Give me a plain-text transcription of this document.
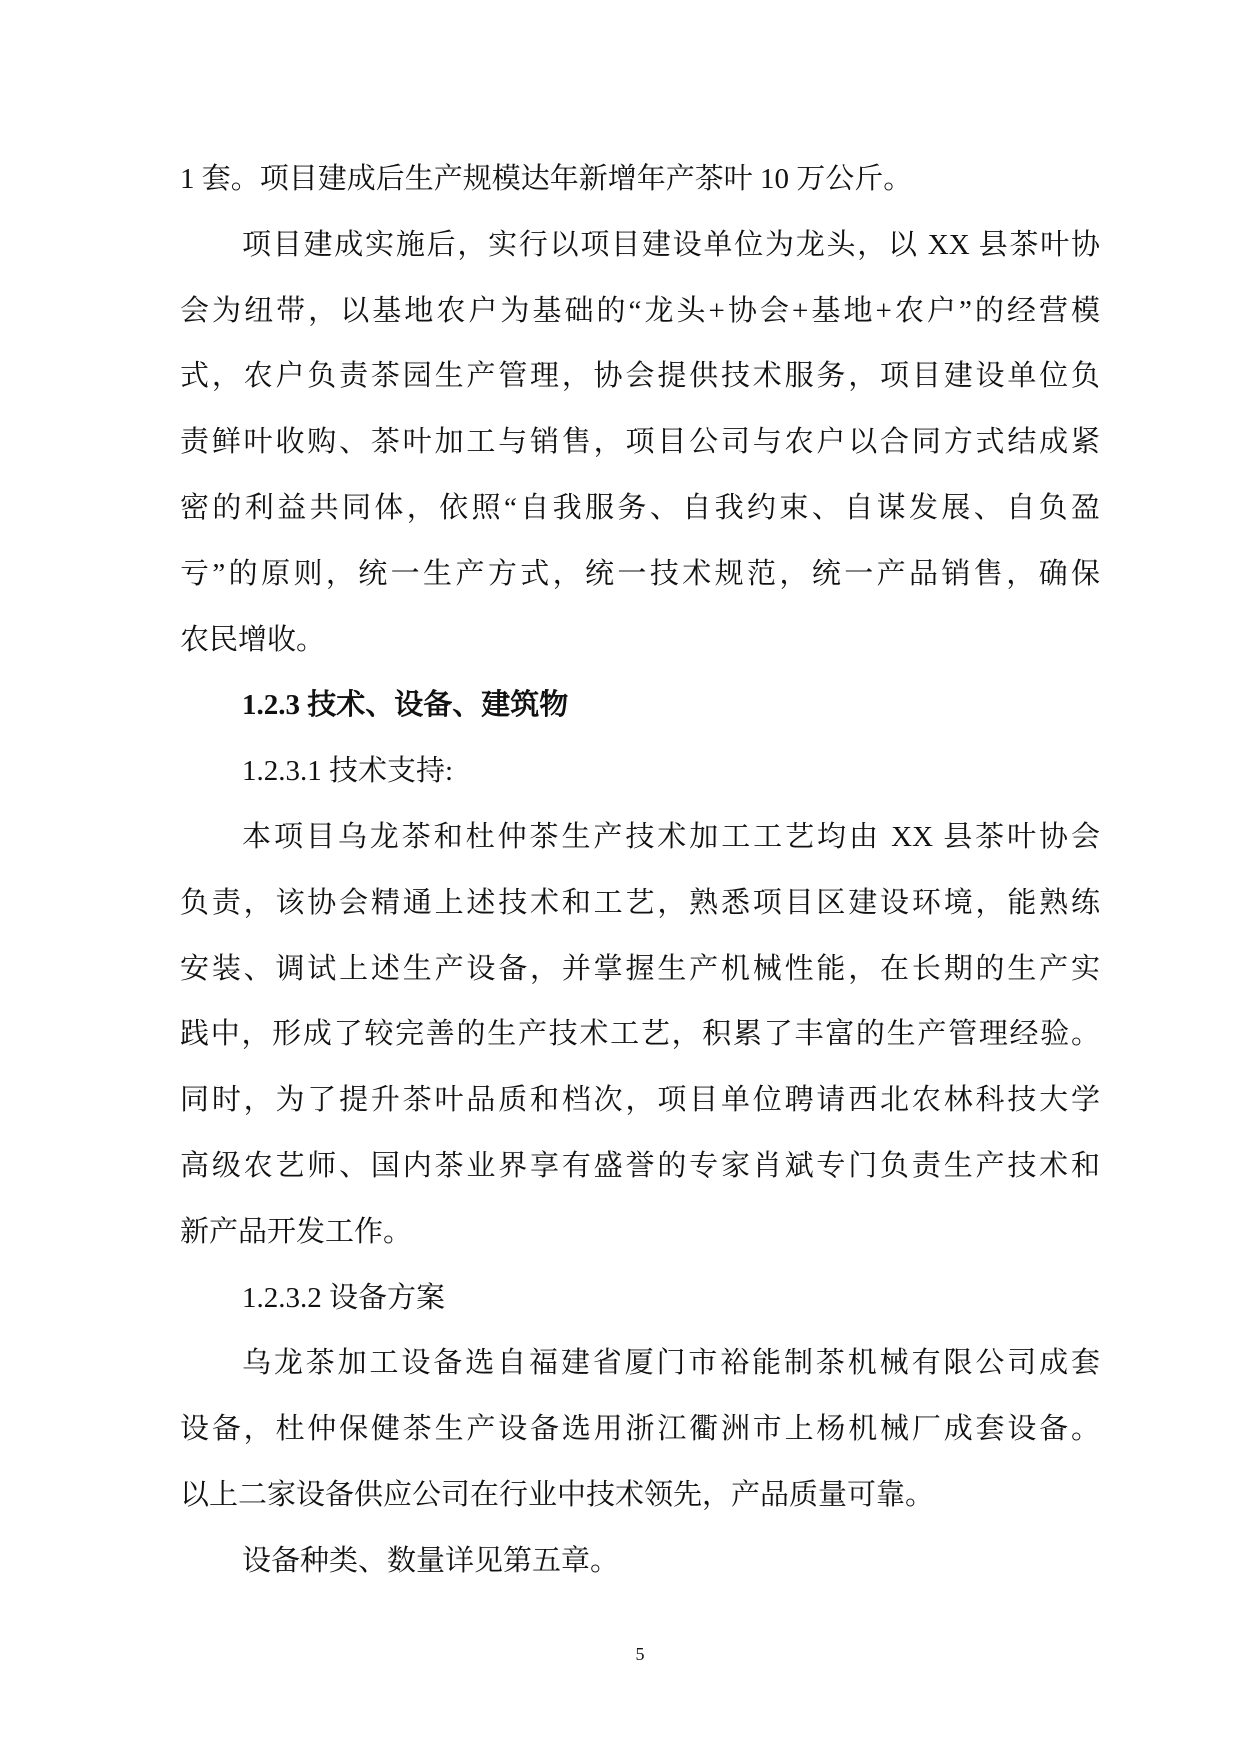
1 套。项目建成后生产规模达年新增年产茶叶 10 万公斤。
项目建成实施后，实行以项目建设单位为龙头，以 XX 县茶叶协
会为纽带，以基地农户为基础的“龙头+协会+基地+农户”的经营模
式，农户负责茶园生产管理，协会提供技术服务，项目建设单位负
责鲜叶收购、茶叶加工与销售，项目公司与农户以合同方式结成紧
密的利益共同体，依照“自我服务、自我约束、自谋发展、自负盈
亏”的原则，统一生产方式，统一技术规范，统一产品销售，确保
农民增收。
1.2.3 技术、设备、建筑物
1.2.3.1 技术支持:
本项目乌龙茶和杜仲茶生产技术加工工艺均由 XX 县茶叶协会
负责，该协会精通上述技术和工艺，熟悉项目区建设环境，能熟练
安装、调试上述生产设备，并掌握生产机械性能，在长期的生产实
践中，形成了较完善的生产技术工艺，积累了丰富的生产管理经验。
同时，为了提升茶叶品质和档次，项目单位聘请西北农林科技大学
高级农艺师、国内茶业界享有盛誉的专家肖斌专门负责生产技术和
新产品开发工作。
1.2.3.2 设备方案
乌龙茶加工设备选自福建省厦门市裕能制茶机械有限公司成套
设备，杜仲保健茶生产设备选用浙江衢洲市上杨机械厂成套设备。
以上二家设备供应公司在行业中技术领先，产品质量可靠。
设备种类、数量详见第五章。
5
